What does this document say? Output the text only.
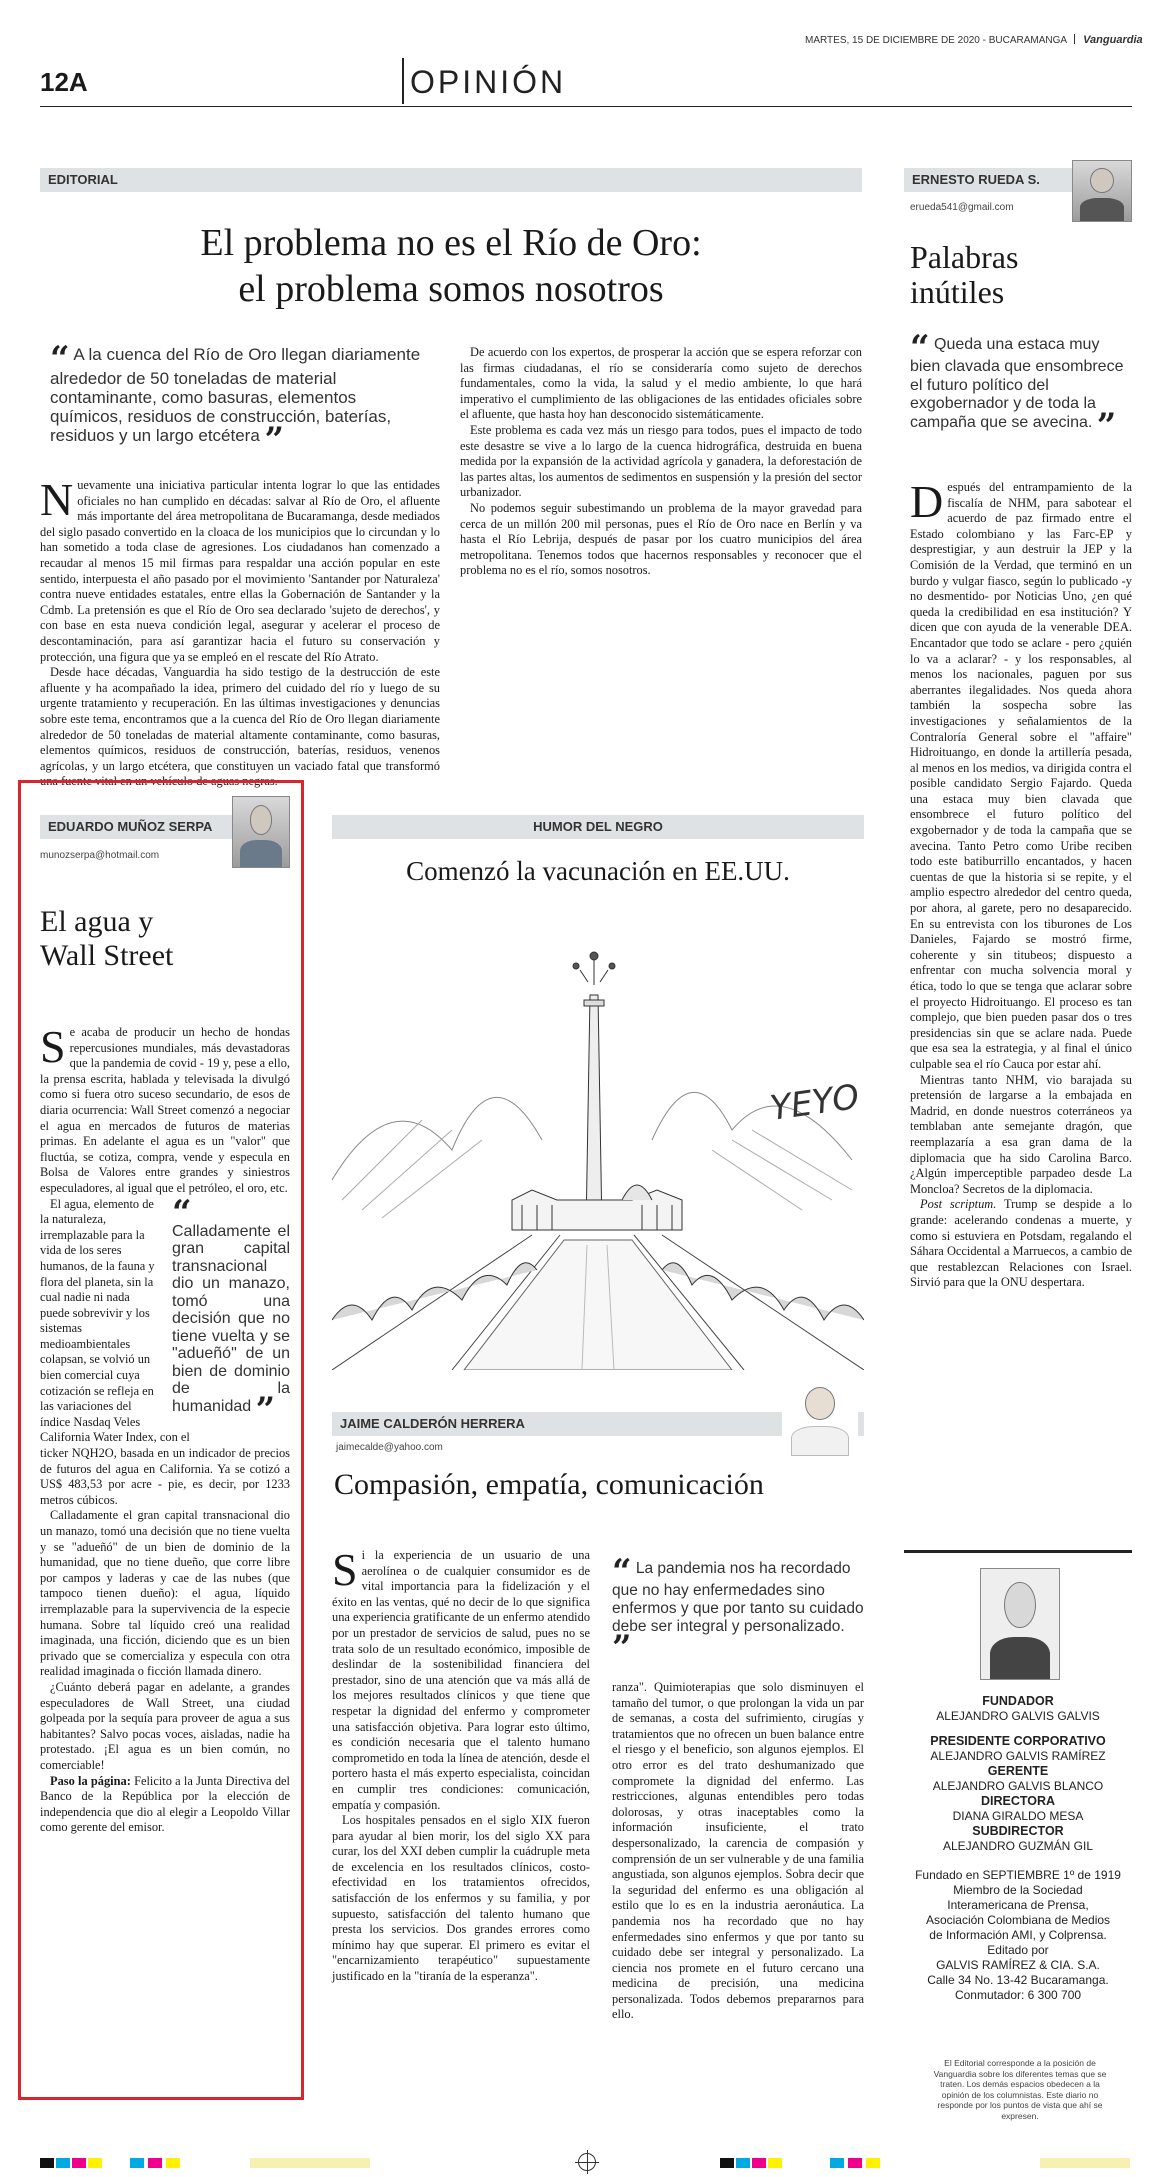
MARTES, 15 DE DICIEMBRE DE 2020 - BUCARAMANGA Vanguardia
12A	OPINIÓN
EDITORIAL
El problema no es el Río de Oro:
el problema somos nosotros
“ A la cuenca del Río de Oro llegan diariamente alrededor de 50 toneladas de material contaminante, como basuras, elementos químicos, residuos de construcción, baterías, residuos y un largo etcétera ”

Nuevamente una iniciativa particular intenta lograr lo que las entidades oficiales no han cumplido en décadas: salvar al Río de Oro, el afluente más importante del área metropolitana de Bucaramanga, desde mediados del siglo pasado convertido en la cloaca de los municipios que lo circundan y lo han sometido a toda clase de agresiones. Los ciudadanos han comenzado a recaudar al menos 15 mil firmas para respaldar una acción popular en este sentido, interpuesta el año pasado por el movimiento 'Santander por Naturaleza' contra nueve entidades estatales, entre ellas la Gobernación de Santander y la Cdmb. La pretensión es que el Río de Oro sea declarado 'sujeto de derechos', y con base en esta nueva condición legal, asegurar y acelerar el proceso de descontaminación, para así garantizar hacia el futuro su conservación y protección, una figura que ya se empleó en el rescate del Río Atrato.

Desde hace décadas, Vanguardia ha sido testigo de la destrucción de este afluente y ha acompañado la idea, primero del cuidado del río y luego de su urgente tratamiento y recuperación. En las últimas investigaciones y denuncias sobre este tema, encontramos que a la cuenca del Río de Oro llegan diariamente alrededor de 50 toneladas de material altamente contaminante, como basuras, elementos químicos, residuos de construcción, baterías, residuos, venenos agrícolas, y un largo etcétera, que constituyen un vaciado fatal que transformó una fuente vital en un vehículo de aguas negras.

De acuerdo con los expertos, de prosperar la acción que se espera reforzar con las firmas ciudadanas, el río se consideraría como sujeto de derechos fundamentales, como la vida, la salud y el medio ambiente, lo que hará imperativo el cumplimiento de las obligaciones de las entidades oficiales sobre el afluente, que hasta hoy han desconocido sistemáticamente.

Este problema es cada vez más un riesgo para todos, pues el impacto de todo este desastre se vive a lo largo de la cuenca hidrográfica, destruida en buena medida por la expansión de la actividad agrícola y ganadera, la deforestación de las partes altas, los aumentos de sedimentos en suspensión y la presión del sector urbanizador.

No podemos seguir subestimando un problema de la mayor gravedad para cerca de un millón 200 mil personas, pues el Río de Oro nace en Berlín y va hasta el Río Lebrija, después de pasar por los cuatro municipios del área metropolitana. Tenemos todos que hacernos responsables y reconocer que el problema no es el río, somos nosotros.

ERNESTO RUEDA S.
erueda541@gmail.com
Palabras
inútiles
“ Queda una estaca muy bien clavada que ensombrece el futuro político del exgobernador y de toda la campaña que se avecina. ”

Después del entrampamiento de la fiscalía de NHM, para sabotear el acuerdo de paz firmado entre el Estado colombiano y las Farc-EP y desprestigiar, y aun destruir la JEP y la Comisión de la Verdad, que terminó en un burdo y vulgar fiasco, según lo publicado -y no desmentido- por Noticias Uno, ¿en qué queda la credibilidad en esa institución? Y dicen que con ayuda de la venerable DEA. Encantador que todo se aclare - pero ¿quién lo va a aclarar? - y los responsables, al menos los nacionales, paguen por sus aberrantes ilegalidades. Nos queda ahora también la sospecha sobre las investigaciones y señalamientos de la Contraloría General sobre el "affaire" Hidroituango, en donde la artillería pesada, al menos en los medios, va dirigida contra el posible candidato Sergio Fajardo. Queda una estaca muy bien clavada que ensombrece el futuro político del exgobernador y de toda la campaña que se avecina. Tanto Petro como Uribe reciben todo este batiburrillo encantados, y hacen cuentas de que la historia si se repite, y el amplio espectro alrededor del centro queda, por ahora, al garete, pero no desaparecido. En su entrevista con los tiburones de Los Danieles, Fajardo se mostró firme, coherente y sin titubeos; dispuesto a enfrentar con mucha solvencia moral y ética, todo lo que se tenga que aclarar sobre el proyecto Hidroituango. El proceso es tan complejo, que bien pueden pasar dos o tres presidencias sin que se aclare nada. Puede que esa sea la estrategia, y al final el único culpable sea el río Cauca por estar ahí.

Mientras tanto NHM, vio barajada su pretensión de largarse a la embajada en Madrid, en donde nuestros coterráneos ya temblaban ante semejante dragón, que reemplazaría a esa gran dama de la diplomacia que ha sido Carolina Barco. ¿Algún imperceptible parpadeo desde La Moncloa? Secretos de la diplomacia.

Post scriptum. Trump se despide a lo grande: acelerando condenas a muerte, y como si estuviera en Potsdam, regalando el Sáhara Occidental a Marruecos, a cambio de que restablezcan Relaciones con Israel. Sirvió para que la ONU despertara.

EDUARDO MUÑOZ SERPA
munozserpa@hotmail.com
El agua y
Wall Street

Se acaba de producir un hecho de hondas repercusiones mundiales, más devastadoras que la pandemia de covid - 19 y, pese a ello, la prensa escrita, hablada y televisada la divulgó como si fuera otro suceso secundario, de esos de diaria ocurrencia: Wall Street comenzó a negociar el agua en mercados de futuros de materias primas. En adelante el agua es un "valor" que fluctúa, se cotiza, compra, vende y especula en Bolsa de Valores entre grandes y siniestros especuladores, al igual que el petróleo, el oro, etc.

“ Calladamente el gran capital transnacional dio un manazo, tomó una decisión que no tiene vuelta y se "adueñó" de un bien de dominio de la humanidad ”

El agua, elemento de la naturaleza, irremplazable para la vida de los seres humanos, de la fauna y flora del planeta, sin la cual nadie ni nada puede sobrevivir y los sistemas medioambientales colapsan, se volvió un bien comercial cuya cotización se refleja en las variaciones del índice Nasdaq Veles California Water Index, con el

ticker NQH2O, basada en un indicador de precios de futuros del agua en California. Ya se cotizó a US$ 483,53 por acre - pie, es decir, por 1233 metros cúbicos.

Calladamente el gran capital transnacional dio un manazo, tomó una decisión que no tiene vuelta y se "adueñó" de un bien de dominio de la humanidad, que no tiene dueño, que corre libre por campos y laderas y cae de las nubes (que tampoco tienen dueño): el agua, líquido irremplazable para la supervivencia de la especie humana. Sobre tal líquido creó una realidad imaginada, una ficción, diciendo que es un bien privado que se comercializa y especula con otra realidad imaginada o ficción llamada dinero.

¿Cuánto deberá pagar en adelante, a grandes especuladores de Wall Street, una ciudad golpeada por la sequía para proveer de agua a sus habitantes? Salvo pocas voces, aisladas, nadie ha protestado. ¡El agua es un bien común, no comerciable!

Paso la página: Felicito a la Junta Directiva del Banco de la República por la elección de independencia que dio al elegir a Leopoldo Villar como gerente del emisor.

HUMOR DEL NEGRO
Comenzó la vacunación en EE.UU.
YEYO
JAIME CALDERÓN HERRERA
jaimecalde@yahoo.com
Compasión, empatía, comunicación

Si la experiencia de un usuario de una aerolínea o de cualquier consumidor es de vital importancia para la fidelización y el éxito en las ventas, qué no decir de lo que significa una experiencia gratificante de un enfermo atendido por un prestador de servicios de salud, pues no se trata solo de un resultado económico, imposible de deslindar de la sostenibilidad financiera del prestador, sino de una atención que va más allá de los mejores resultados clínicos y que tiene que respetar la dignidad del enfermo y comprometer una satisfacción objetiva. Para lograr esto último, es condición necesaria que el talento humano comprometido en toda la línea de atención, desde el portero hasta el más experto especialista, coincidan en cumplir tres condiciones: comunicación, empatía y compasión.

Los hospitales pensados en el siglo XIX fueron para ayudar al bien morir, los del siglo XX para curar, los del XXI deben cumplir la cuádruple meta de excelencia en los resultados clínicos, costo-efectividad en los tratamientos ofrecidos, satisfacción de los enfermos y su familia, y por supuesto, satisfacción del talento humano que presta los servicios. Dos grandes errores como mínimo hay que superar. El primero es evitar el "encarnizamiento terapéutico" supuestamente justificado en la "tiranía de la esperanza".

“ La pandemia nos ha recordado que no hay enfermedades sino enfermos y que por tanto su cuidado debe ser integral y personalizado. ”

ranza". Quimioterapias que solo disminuyen el tamaño del tumor, o que prolongan la vida un par de semanas, a costa del sufrimiento, cirugías y tratamientos que no ofrecen un buen balance entre el riesgo y el beneficio, son algunos ejemplos. El otro error es del trato deshumanizado que compromete la dignidad del enfermo. Las restricciones, algunas entendibles pero todas dolorosas, y otras inaceptables como la información insuficiente, el trato despersonalizado, la carencia de compasión y comprensión de un ser vulnerable y de una familia angustiada, son algunos ejemplos. Sobra decir que la seguridad del enfermo es una obligación al estilo que lo es en la industria aeronáutica. La pandemia nos ha recordado que no hay enfermedades sino enfermos y que por tanto su cuidado debe ser integral y personalizado. La ciencia nos promete en el futuro cercano una medicina de precisión, una medicina personalizada. Todos debemos prepararnos para ello.

FUNDADOR

ALEJANDRO GALVIS GALVIS

PRESIDENTE CORPORATIVO

ALEJANDRO GALVIS RAMÍREZ

GERENTE

ALEJANDRO GALVIS BLANCO

DIRECTORA

DIANA GIRALDO MESA

SUBDIRECTOR

ALEJANDRO GUZMÁN GIL

Fundado en SEPTIEMBRE 1º de 1919

Miembro de la Sociedad

Interamericana de Prensa,

Asociación Colombiana de Medios

de Información AMI, y Colprensa.

Editado por

GALVIS RAMÍREZ & CIA. S.A.

Calle 34 No. 13-42 Bucaramanga.

Conmutador: 6 300 700

El Editorial corresponde a la posición de Vanguardia sobre los diferentes temas que se traten. Los demás espacios obedecen a la opinión de los columnistas. Este diario no responde por los puntos de vista que ahí se expresen.
